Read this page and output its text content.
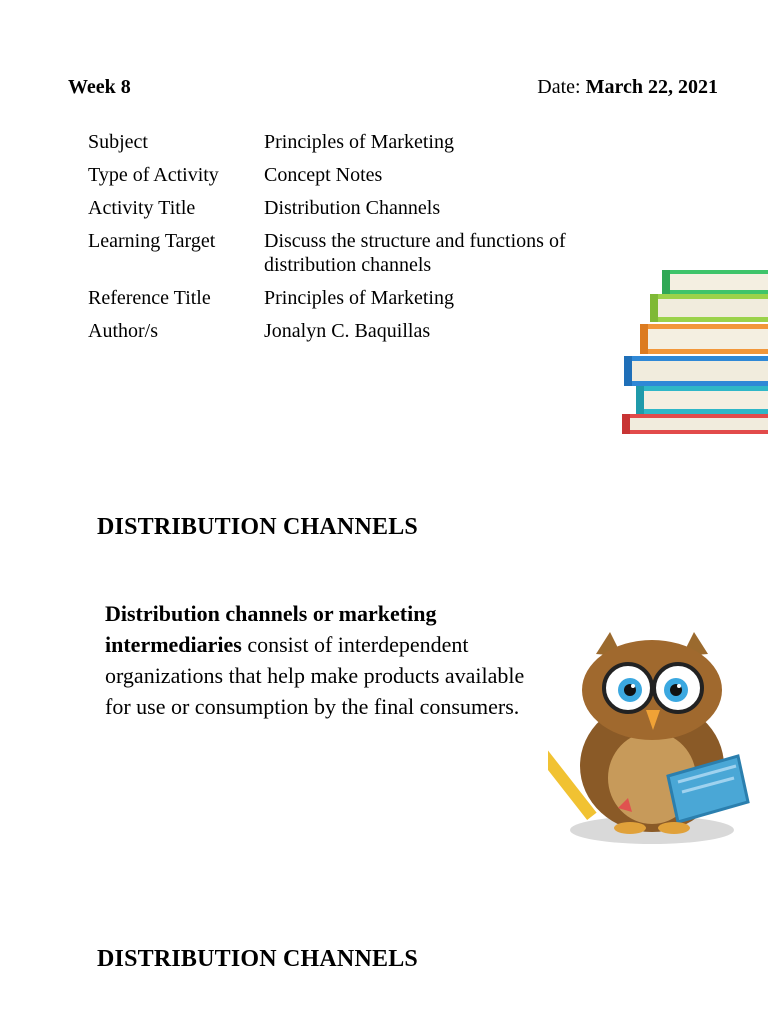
Week 8	Date: March 22, 2021
Subject	Principles of Marketing
Type of Activity	Concept Notes
Activity Title	Distribution Channels
Learning Target	Discuss the structure and functions of distribution channels
Reference Title	Principles of Marketing
Author/s	Jonalyn C. Baquillas
DISTRIBUTION CHANNELS
Distribution channels or marketing intermediaries consist of interdependent organizations that help make products available for use or consumption by the final consumers.
DISTRIBUTION CHANNELS
